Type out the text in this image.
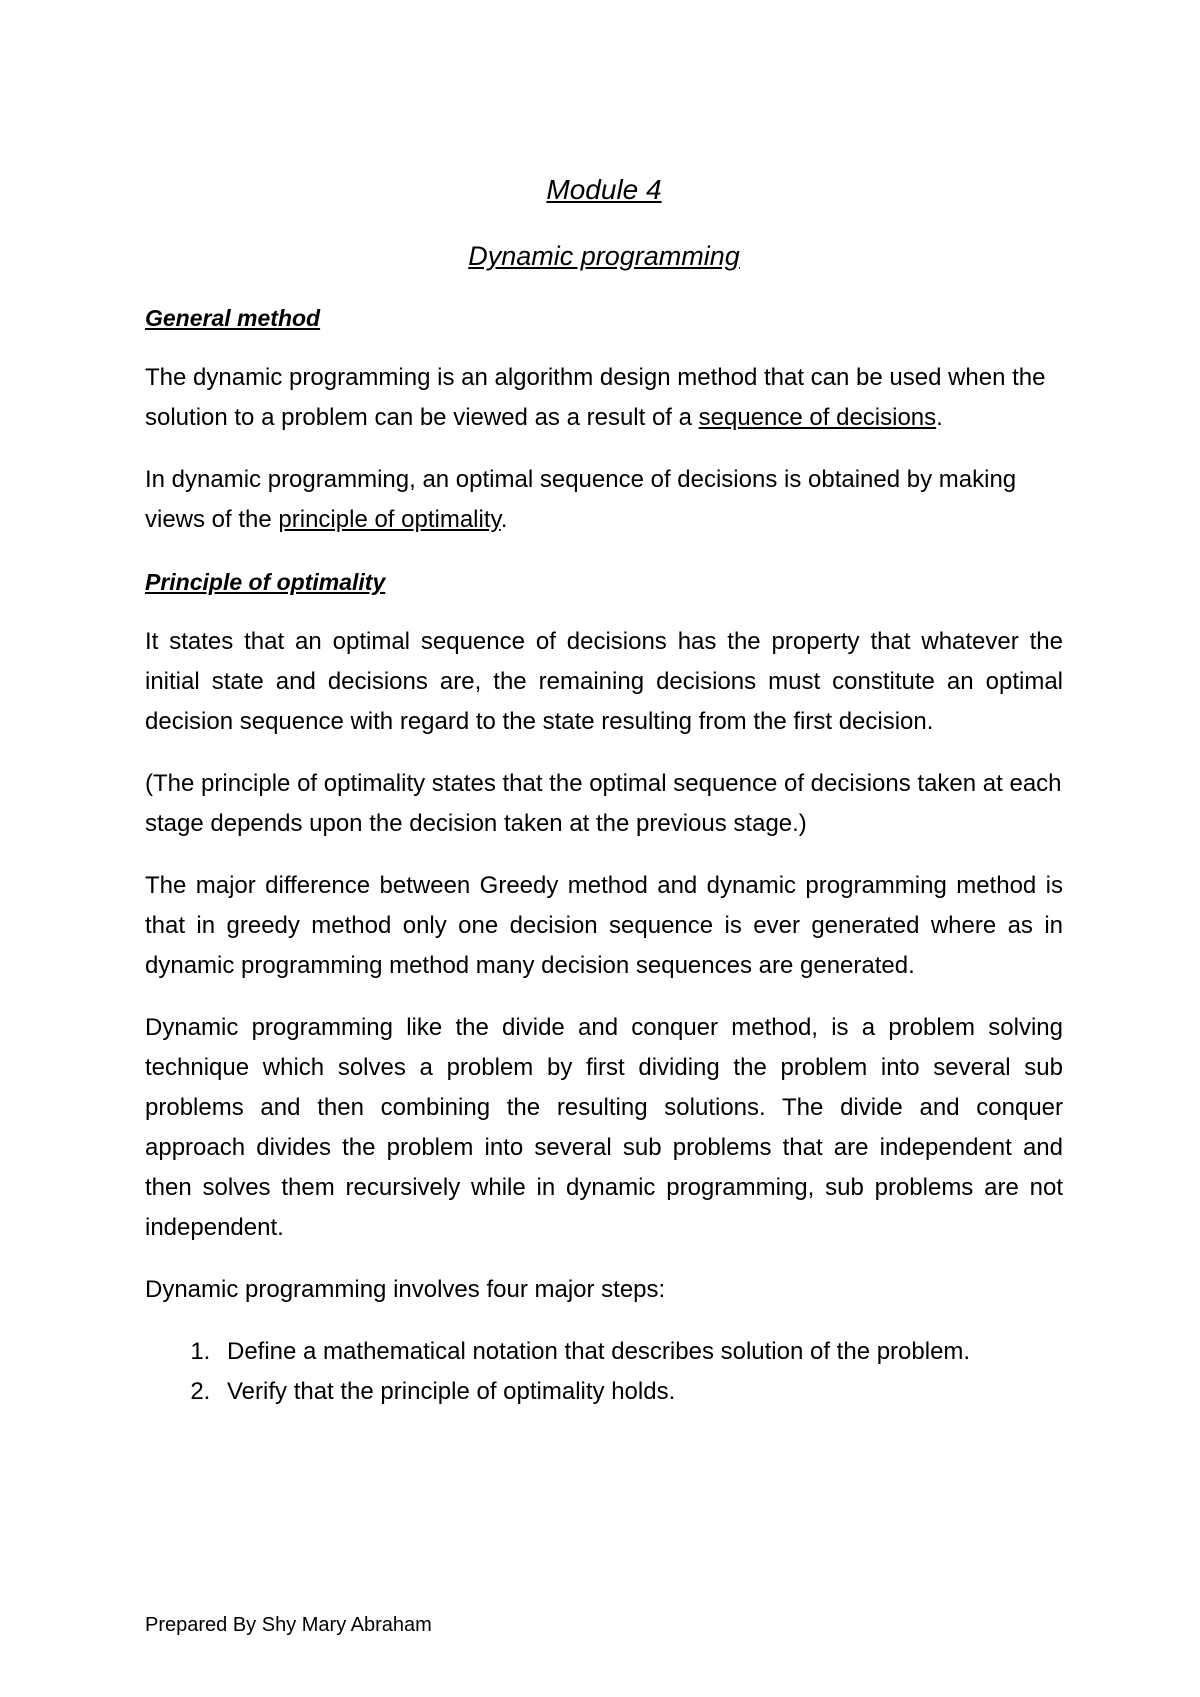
Module 4
Dynamic programming
General method

The dynamic programming is an algorithm design method that can be used when the solution to a problem can be viewed as a result of a sequence of decisions.

In dynamic programming, an optimal sequence of decisions is obtained by making views of the principle of optimality.

Principle of optimality

It states that an optimal sequence of decisions has the property that whatever the initial state and decisions are, the remaining decisions must constitute an optimal decision sequence with regard to the state resulting from the first decision.

(The principle of optimality states that the optimal sequence of decisions taken at each stage depends upon the decision taken at the previous stage.)

The major difference between Greedy method and dynamic programming method is that in greedy method only one decision sequence is ever generated where as in dynamic programming method many decision sequences are generated.

Dynamic programming like the divide and conquer method, is a problem solving technique which solves a problem by first dividing the problem into several sub problems and then combining the resulting solutions. The divide and conquer approach divides the problem into several sub problems that are independent and then solves them recursively while in dynamic programming, sub problems are not independent.

Dynamic programming involves four major steps:

1. Define a mathematical notation that describes solution of the problem.
2. Verify that the principle of optimality holds.
Prepared By Shy Mary Abraham
